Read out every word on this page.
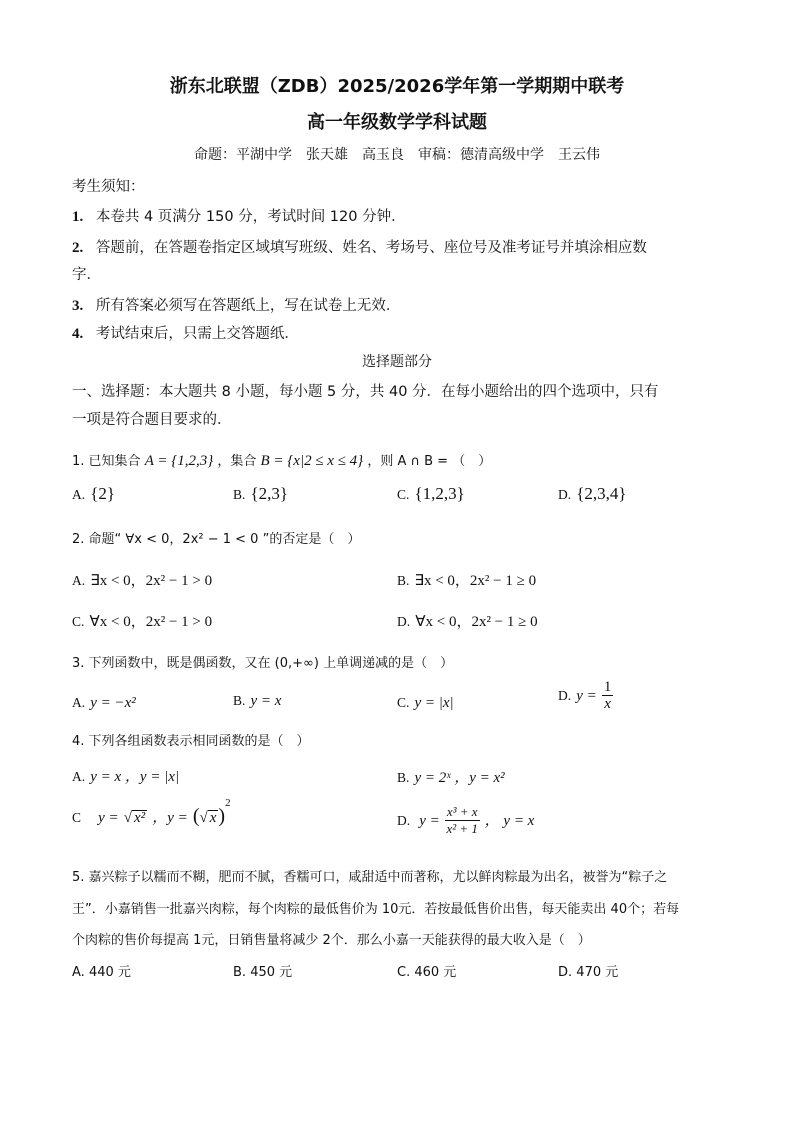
浙东北联盟（ZDB）2025/2026学年第一学期期中联考
高一年级数学学科试题
命题：平湖中学　张天雄　高玉良　审稿：德清高级中学　王云伟
考生须知：
1. 本卷共 4 页满分 150 分，考试时间 120 分钟．
2. 答题前，在答题卷指定区域填写班级、姓名、考场号、座位号及准考证号并填涂相应数
字．
3. 所有答案必须写在答题纸上，写在试卷上无效．
4. 考试结束后，只需上交答题纸．
选择题部分
一、选择题：本大题共 8 小题，每小题 5 分，共 40 分．在每小题给出的四个选项中，只有
一项是符合题目要求的．
1. 已知集合 A = {1,2,3} ，集合 B = {x|2 ≤ x ≤ 4} ，则 A ∩ B = （　）
A. {2}	B. {2,3}	C. {1,2,3}	D. {2,3,4}
2. 命题“ ∀x < 0，2x² − 1 < 0 ”的否定是（　）
A. ∃x < 0，2x² − 1 > 0	B. ∃x < 0，2x² − 1 ≥ 0
C. ∀x < 0，2x² − 1 > 0	D. ∀x < 0，2x² − 1 ≥ 0
3. 下列函数中，既是偶函数，又在 (0,+∞) 上单调递减的是（　）
A. y = −x²	B. y = x	C. y = |x|	D. $y = \frac{1}{x}$
4. 下列各组函数表示相同函数的是（　）
A. y = x ，y = |x|	B. y = 2ˣ ，y = x²
C y = √ x² ，y = (√ x )$^2$
D. $y = \frac{\text{x³ + x}}{\text{x² + 1}}$ ， y = x
5. 嘉兴粽子以糯而不糊，肥而不腻，香糯可口，咸甜适中而著称，尤以鲜肉粽最为出名，被誉为“粽子之
王”．小嘉销售一批嘉兴肉粽，每个肉粽的最低售价为 10元．若按最低售价出售，每天能卖出 40个；若每
个肉粽的售价每提高 1元，日销售量将减少 2个．那么小嘉一天能获得的最大收入是（　）
A. 440 元	B. 450 元	C. 460 元	D. 470 元
